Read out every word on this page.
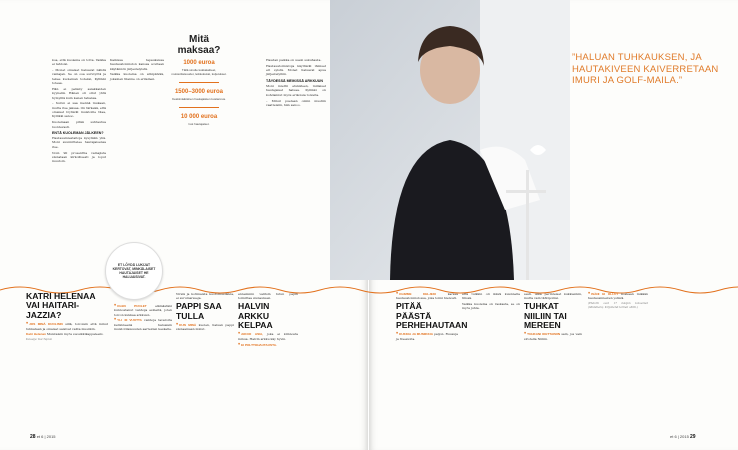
koa, että kuolema on totta. Vaikka ei tahtoisi.

– Monet omaiset haluavat nähdä vainajan. Se on osa surutyötä ja tekee kuoleman todeksi, Kyllikki toteaa.

Hän ei pelästy asiakkaiden kyyneliä. Hänen oli ollut yhtä hymyillä kuin kenen tahansa.

– Surun ei saa mennä mukaan, mutta itse jaksaa. On tärkeää, että omaiset löytävät muistoille tilaa, Kyllikki sanoo.

Kuolemaan pitää suhtautua luontevasti.

ENTÄ KUOLEMAN JÄLKEEN?

Hautausmiestaitoja kysytään yhä. Moni suunnittelee hautajaisensa itse.

Noin 90 prosenttia vainajista siunataan kirkollisesti ja loput muutoin.

Kaikissa tapauksissa hautaustoimiston kanssa sovitaan käytännön järjestelyistä.

Vaikka kuolema on arkipäivää, jokainen tilanne on erilainen.

Mitä maksaa?
1000 euroa
Tällä sinulle kukkalaitteet, muistotilaisuudet, leikkokukat, kuljetukset.
1500–3000 euroa
Keskimääräinen hautajaisten kustannus.
10 000 euroa
Isot hautajaiset.

Haudan paikka on usein sukuhauta.

Hautaustoimistoja käyttävät ihmiset eri syistä. Monet haluavat apua järjestelyihin.

TÄYDESSÄ MEIKISSÄ ARKKUUN

Moni miettii etukäteen, millaiset hautajaiset haluaa. Kyllikki on kohdannut myös erikoisia toiveita.

– Minut puetaan omiin mustiin vaatteisiin, hän sanoo.

”HALUAN TUHKAUKSEN, JA HAUTAKIVEEN KAIVERRETAAN IMURI JA GOLF-MAILA.”
ET LÖYDÄ LUKIJAT KERTOVAT, MINKÄLAISET HAUTAJAISET HE HALUAISIVAT.
KATRI HELENAA VAI HAITARI-JAZZIA?

❝JOS MINÄ KUOLISIN sillä, toivoisin että minut tuhkataan ja omaiset saisivat valita musiikin.

Katri Helenan Muistaisin myös suosikkikappaleeni.

Kuvaaja: Kai Tapion

❝OLEN PUOLET	elämästäni kunnostanut vanhoja esineitä, joten toivon kukkaa arkkuun.

❝YLI 40 VUOTTA vanhoja tavaroita keränneenä haluaisin muistotilaisuuden aarteiden keskelle.

Virsiä ja kotimaista kuoromusiikkia, ei surumarsseja.

PAPPI SAA TULLA

❝KUN MINÄ kuolen, haluan pappi siunaamaan minut.

ennemmin valitsin tutun papin toimittaa siunauksen.

HALVIN ARKKU KELPAA

❝AIKOO ASIA, joka ei kiinnosta minua. Halvin arkku käy hyvin.

❝EI POLTTOHAUTAUSTA.

❝OLIMME KELJEKI	karsea hautaustoimistossa, joka toimi hienosti.

PITÄÄ PÄÄSTÄ PERHEHAUTAAN

❝KUKKIA JA MUSIIKKIA paljon. Ruusuja ja freesioita.

että tulkkin oli ikävä kuunnella tilissä.

Vaikka kuolema on raskasta, se on myös juhla.

sesti. Aika perinteiset kukkienkin, mutta vain tähtipoliisi.

TUHKAT NIILIIN TAI MEREEN

❝TUHKANI IKETTAISIIN sain, jos vain sirotella Niiliin.

❝ISÄNI EI OLLUT koskaan mikään hautausmiesten ystävä.

(Ehdotti ovat 17 lukijan kokoamat (lähdetieto). Kirjoitetut tarinat ohitti.)

28 et 6 | 2015	et 6 | 2015 29
